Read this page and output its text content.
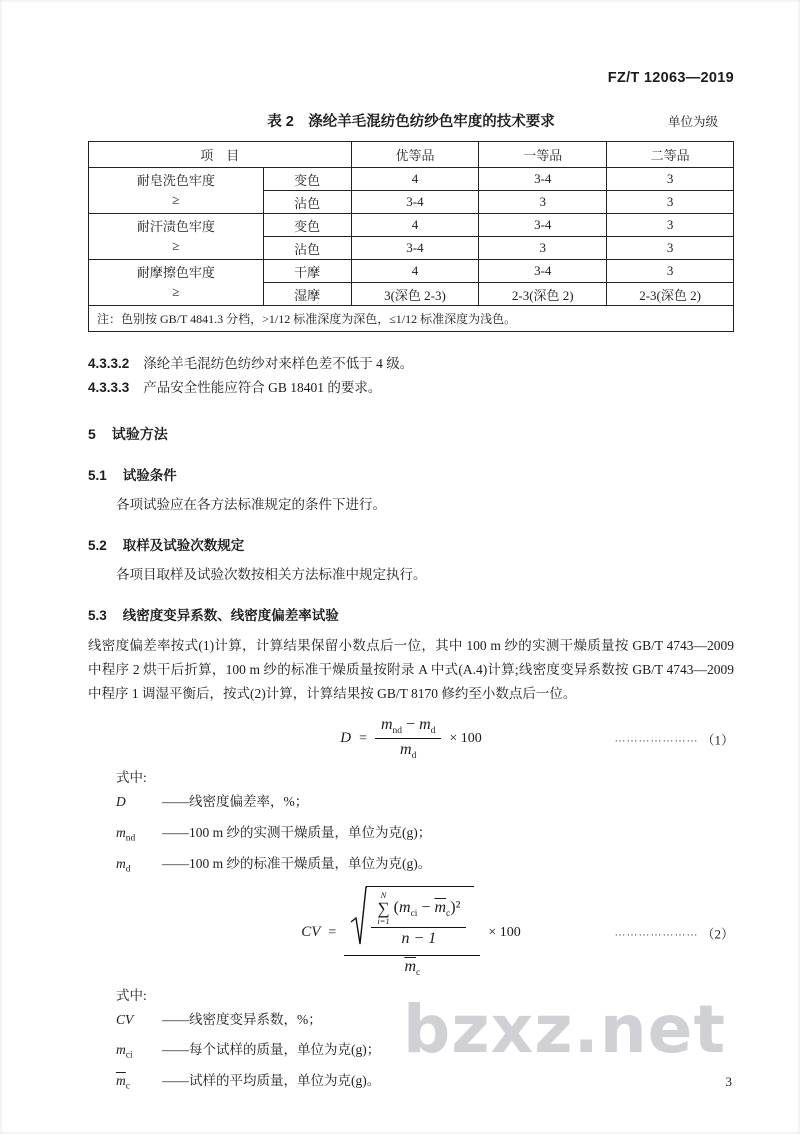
FZ/T 12063—2019
表 2　涤纶羊毛混纺色纺纱色牢度的技术要求	单位为级
项　目		优等品	一等品	二等品

耐皂洗色牢度
≥	变色	4	3-4	3
	沾色	3-4	3	3

耐汗渍色牢度
≥	变色	4	3-4	3
	沾色	3-4	3	3

耐摩擦色牢度
≥	干摩	4	3-4	3
	湿摩	3(深色 2-3)	2-3(深色 2)	2-3(深色 2)
注：色别按 GB/T 4841.3 分档，>1/12 标准深度为深色，≤1/12 标准深度为浅色。				

4.3.3.2 涤纶羊毛混纺色纺纱对来样色差不低于 4 级。

4.3.3.3 产品安全性能应符合 GB 18401 的要求。

5 试验方法
5.1 试验条件

各项试验应在各方法标准规定的条件下进行。

5.2 取样及试验次数规定

各项目取样及试验次数按相关方法标准中规定执行。

5.3 线密度变异系数、线密度偏差率试验

线密度偏差率按式(1)计算，计算结果保留小数点后一位，其中 100 m 纱的实测干燥质量按 GB/T 4743—2009 中程序 2 烘干后折算，100 m 纱的标准干燥质量按附录 A 中式(A.4)计算;线密度变异系数按 GB/T 4743—2009 中程序 1 调湿平衡后，按式(2)计算，计算结果按 GB/T 8170 修约至小数点后一位。

$D = \frac{m_{nd} - m_d}{m_d} \times 100$	………………… （1）

式中:

D	——线密度偏差率，%；
$m_{nd}$	——100 m 纱的实测干燥质量，单位为克(g)；
$m_d$	——100 m 纱的标准干燥质量，单位为克(g)。
CV =
N
∑
i=1
$(m_{ci} - \overline{m}_c)^2$
n − 1
$\overline{m}_c$
× 100	………………… （2）

式中:

CV	——线密度变异系数，%；
$m_{ci}$	——每个试样的质量，单位为克(g)；
$\overline{m}_c$	——试样的平均质量，单位为克(g)。
bzxz.net
3
